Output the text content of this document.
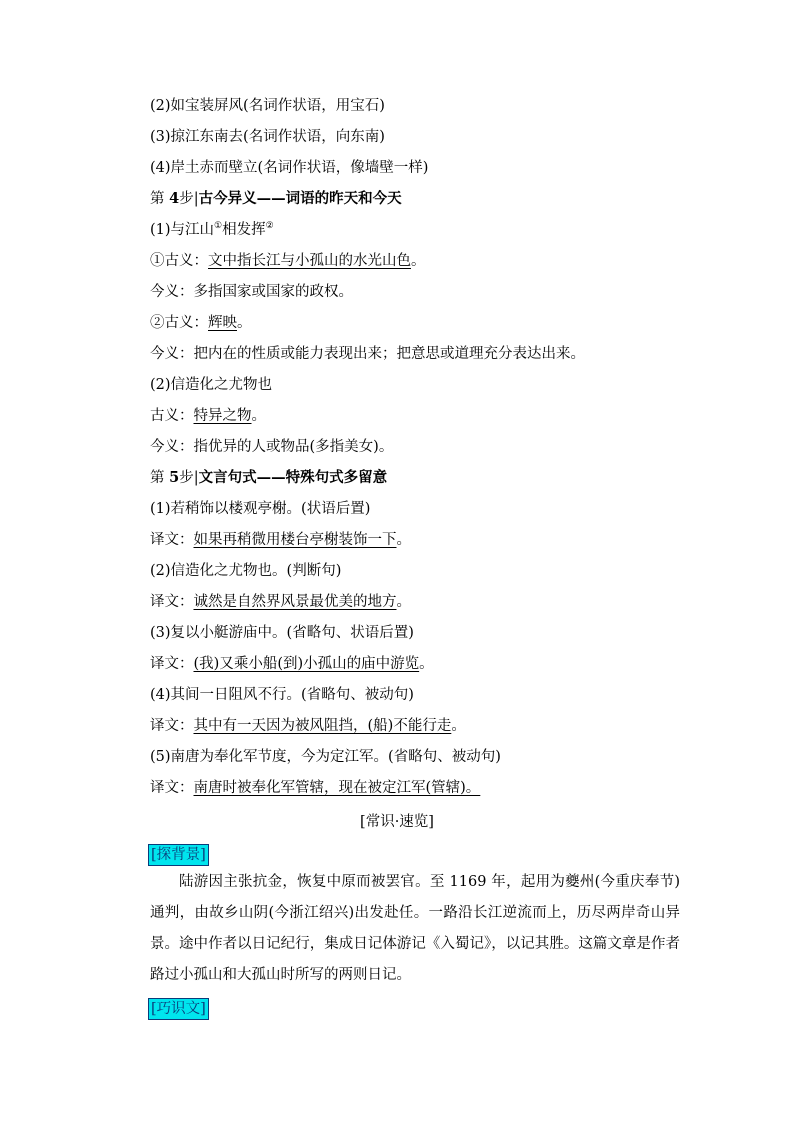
(2)如宝装屏风(名词作状语，用宝石)
(3)掠江东南去(名词作状语，向东南)
(4)岸土赤而壁立(名词作状语，像墙壁一样)
第 4步|古今异义——词语的昨天和今天
(1)与江山①相发挥②
①古义：文中指长江与小孤山的水光山色。
今义：多指国家或国家的政权。
②古义：辉映。
今义：把内在的性质或能力表现出来；把意思或道理充分表达出来。
(2)信造化之尤物也
古义：特异之物。
今义：指优异的人或物品(多指美女)。
第 5步|文言句式——特殊句式多留意
(1)若稍饰以楼观亭榭。(状语后置)
译文：如果再稍微用楼台亭榭装饰一下。
(2)信造化之尤物也。(判断句)
译文：诚然是自然界风景最优美的地方。
(3)复以小艇游庙中。(省略句、状语后置)
译文：(我)又乘小船(到)小孤山的庙中游览。
(4)其间一日阻风不行。(省略句、被动句)
译文：其中有一天因为被风阻挡，(船)不能行走。
(5)南唐为奉化军节度，今为定江军。(省略句、被动句)
译文：南唐时被奉化军管辖，现在被定江军(管辖)。
[常识·速览]
[探背景]
陆游因主张抗金，恢复中原而被罢官。至 1169 年，起用为夔州(今重庆奉节)通判，由故乡山阴(今浙江绍兴)出发赴任。一路沿长江逆流而上，历尽两岸奇山异景。途中作者以日记纪行，集成日记体游记《入蜀记》，以记其胜。这篇文章是作者路过小孤山和大孤山时所写的两则日记。
[巧识文]
